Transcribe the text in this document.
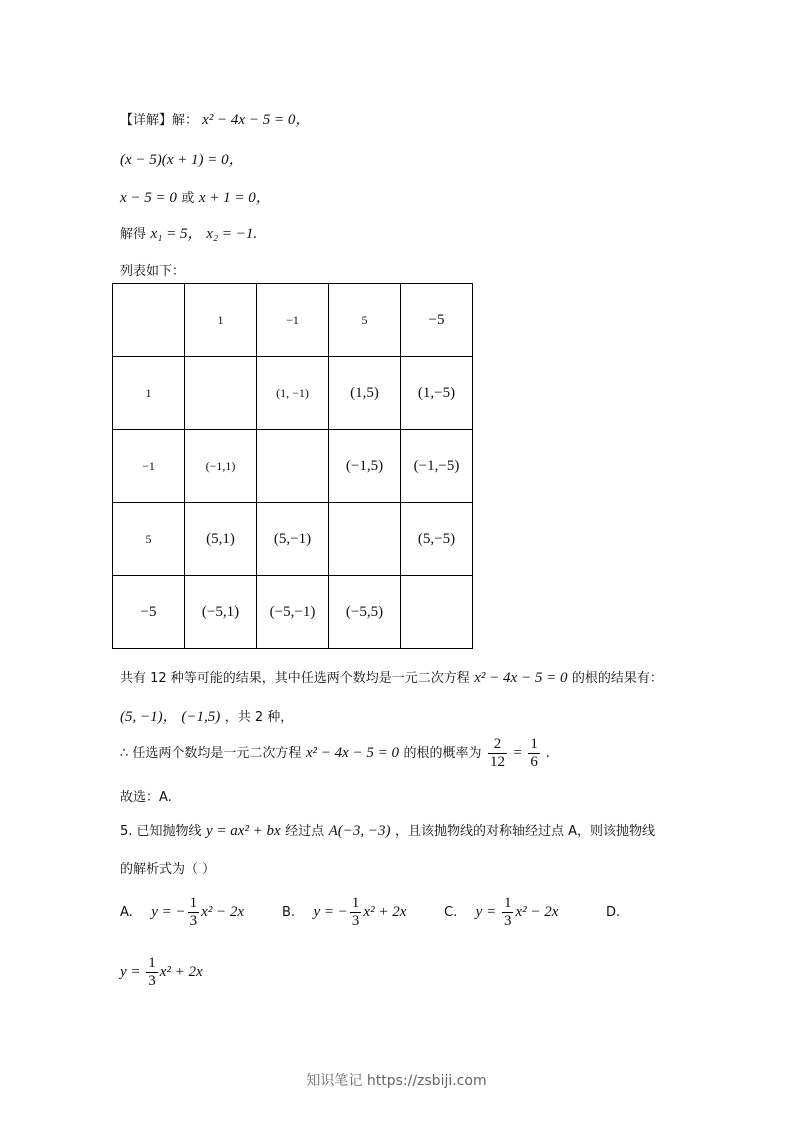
【详解】解： x² − 4x − 5 = 0，
(x − 5)(x + 1) = 0，
x − 5 = 0 或 x + 1 = 0，
解得 x₁ = 5， x₂ = −1.
列表如下：
	1	−1	5	−5
1		(1, −1)	(1,5)	(1,−5)
−1	(−1,1)		(−1,5)	(−1,−5)
5	(5,1)	(5,−1)		(5,−5)
−5	(−5,1)	(−5,−1)	(−5,5)	
共有 12 种等可能的结果，其中任选两个数均是一元二次方程 x² − 4x − 5 = 0 的根的结果有：
(5, −1)， (−1,5) ，共 2 种，
∴ 任选两个数均是一元二次方程 x² − 4x − 5 = 0 的根的概率为 $\frac{2}{12} = \frac{1}{6}$ .
故选：A.
5. 已知抛物线 y = ax² + bx 经过点 A(−3, −3) ，且该抛物线的对称轴经过点 A，则该抛物线
的解析式为（ ）
A. y = − $\frac{1}{3} x^2 - 2x$	B. y = − $\frac{1}{3} x^2 + 2x$	C. $y = \frac{1}{3} x^2 - 2x$	D.
$y = \frac{1}{3} x^2 + 2x$
知识笔记 https://zsbiji.com
